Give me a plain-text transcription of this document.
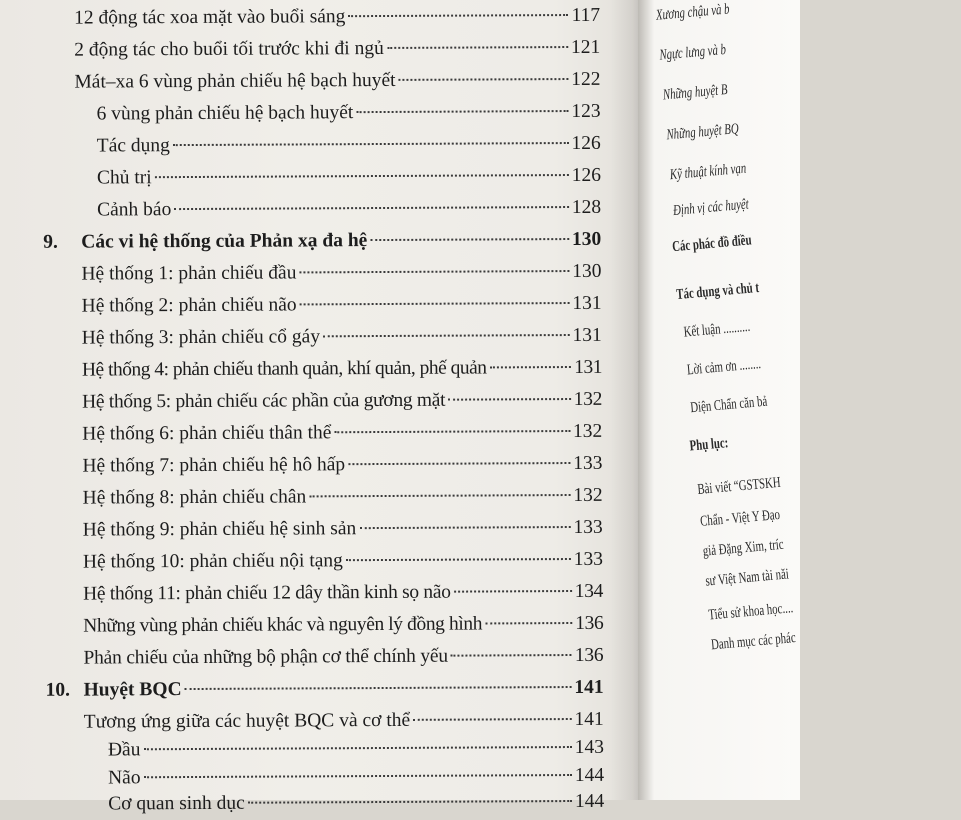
12 động tác xoa mặt vào buổi sáng	117
2 động tác cho buổi tối trước khi đi ngủ	121
Mát–xa 6 vùng phản chiếu hệ bạch huyết	122
6 vùng phản chiếu hệ bạch huyết	123
Tác dụng	126
Chủ trị	126
Cảnh báo	128
9.	Các vi hệ thống của Phản xạ đa hệ	130
Hệ thống 1: phản chiếu đầu	130
Hệ thống 2: phản chiếu não	131
Hệ thống 3: phản chiếu cổ gáy	131
Hệ thống 4: phản chiếu thanh quản, khí quản, phế quản	131
Hệ thống 5: phản chiếu các phần của gương mặt	132
Hệ thống 6: phản chiếu thân thể	132
Hệ thống 7: phản chiếu hệ hô hấp	133
Hệ thống 8: phản chiếu chân	132
Hệ thống 9: phản chiếu hệ sinh sản	133
Hệ thống 10: phản chiếu nội tạng	133
Hệ thống 11: phản chiếu 12 dây thần kinh sọ não	134
Những vùng phản chiếu khác và nguyên lý đồng hình	136
Phản chiếu của những bộ phận cơ thể chính yếu	136
10. Huyệt BQC	141
Tương ứng giữa các huyệt BQC và cơ thể	141
Đầu	143
Não	144
Cơ quan sinh dục	144
Xương chậu và b
Ngực lưng và b
Những huyệt B
Những huyệt BQ
Kỹ thuật kính vạn
Định vị các huyệt
Các phác đồ điều
Tác dụng và chủ t
Kết luận ..........
Lời cảm ơn ........
Diện Chẩn căn bả
Phụ lục:
Bài viết “GSTSKH
Chẩn - Việt Y Đạo
giả Đặng Xim, tríc
sư Việt Nam tài năi
Tiểu sử khoa học....
Danh mục các phác
